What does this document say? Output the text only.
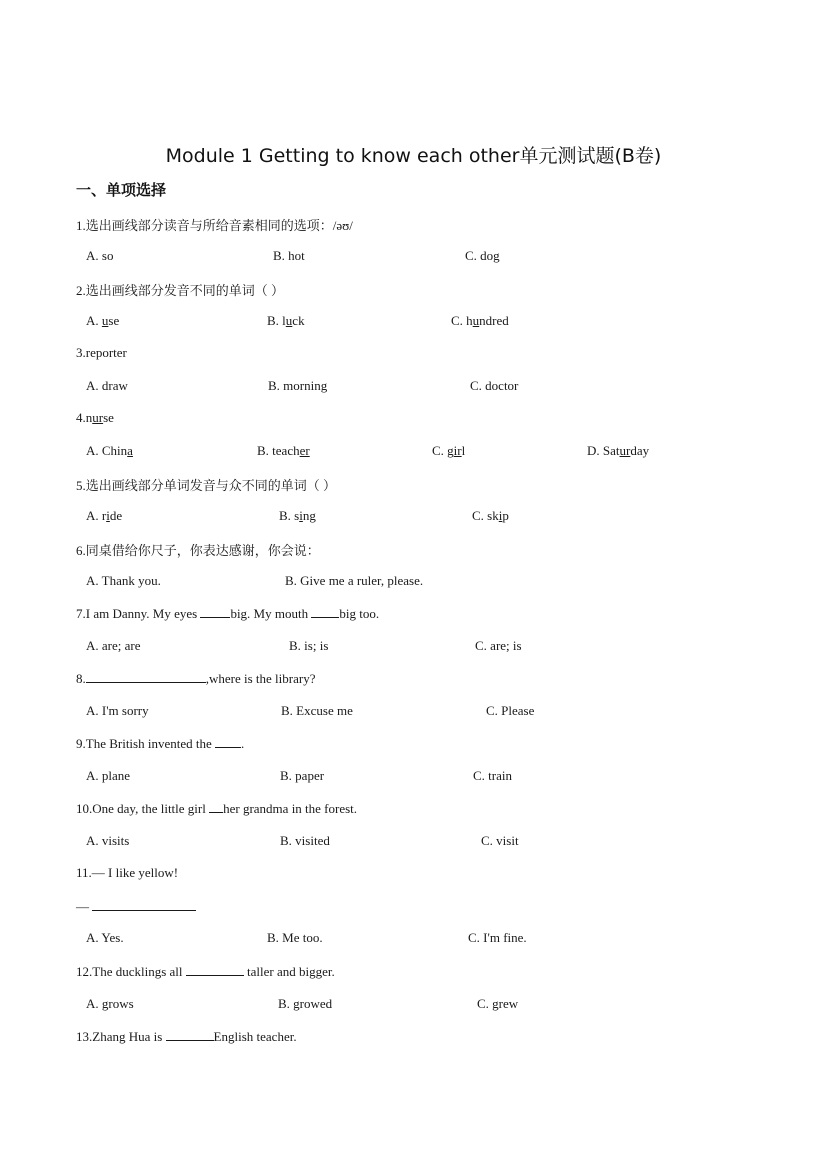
Module 1 Getting to know each other单元测试题(B卷)
一、单项选择
1.选出画线部分读音与所给音素相同的选项：/əʊ/
A. so	B. hot	C. dog
2.选出画线部分发音不同的单词（ ）
A. use	B. luck	C. hundred
3.reporter
A. draw	B. morning	C. doctor
4.nurse
A. China	B. teacher	C. girl	D. Saturday
5.选出画线部分单词发音与众不同的单词（ ）
A. ride	B. sing	C. skip
6.同桌借给你尺子，你表达感谢，你会说：
A. Thank you.	B. Give me a ruler, please.
7.I am Danny. My eyes big. My mouth big too.
A. are; are	B. is; is	C. are; is
8.	,where is the library?
A. I'm sorry	B. Excuse me	C. Please
9.The British invented the .
A. plane	B. paper	C. train
10.One day, the little girl her grandma in the forest.
A. visits	B. visited	C. visit
11.— I like yellow!
—
A. Yes.	B. Me too.	C. I'm fine.
12.The ducklings all	taller and bigger.
A. grows	B. growed	C. grew
13.Zhang Hua is	English teacher.
